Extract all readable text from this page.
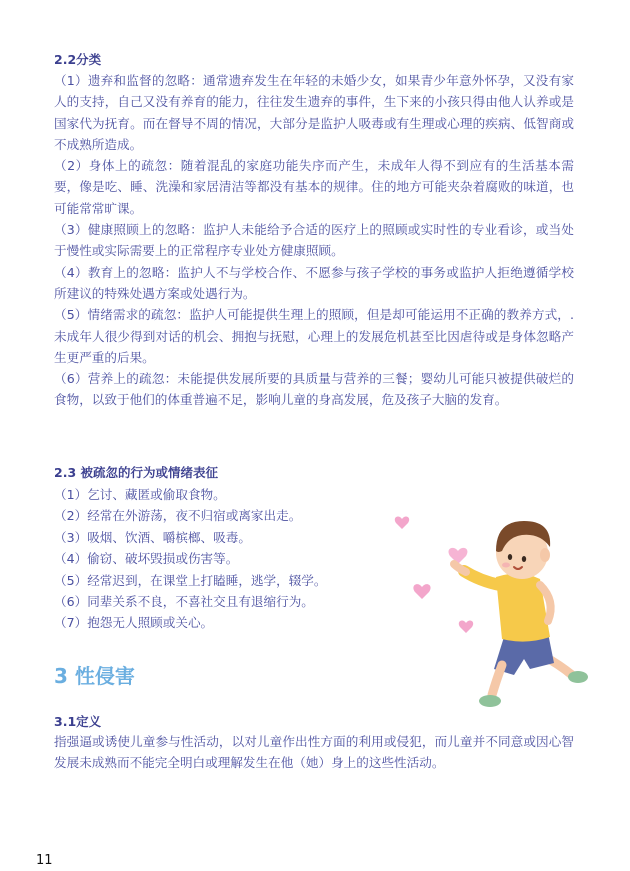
2.2分类

（1）遗弃和监督的忽略：通常遗弃发生在年轻的未婚少女，如果青少年意外怀孕，又没有家人的支持，自己又没有养育的能力，往往发生遗弃的事件，生下来的小孩只得由他人认养或是国家代为抚育。而在督导不周的情况，大部分是监护人吸毒或有生理或心理的疾病、低智商或不成熟所造成。

（2）身体上的疏忽：随着混乱的家庭功能失序而产生，未成年人得不到应有的生活基本需要，像是吃、睡、洗澡和家居清洁等都没有基本的规律。住的地方可能夹杂着腐败的味道，也可能常常旷课。

（3）健康照顾上的忽略：监护人未能给予合适的医疗上的照顾或实时性的专业看诊，或当处于慢性或实际需要上的正常程序专业处方健康照顾。

（4）教育上的忽略：监护人不与学校合作、不愿参与孩子学校的事务或监护人拒绝遵循学校所建议的特殊处遇方案或处遇行为。

（5）情绪需求的疏忽：监护人可能提供生理上的照顾，但是却可能运用不正确的教养方式，.未成年人很少得到对话的机会、拥抱与抚慰，心理上的发展危机甚至比因虐待或是身体忽略产生更严重的后果。

（6）营养上的疏忽：未能提供发展所要的具质量与营养的三餐；婴幼儿可能只被提供破烂的食物，以致于他们的体重普遍不足，影响儿童的身高发展，危及孩子大脑的发育。

2.3 被疏忽的行为或情绪表征
（1）乞讨、藏匿或偷取食物。
（2）经常在外游荡，夜不归宿或离家出走。
（3）吸烟、饮酒、嚼槟榔、吸毒。
（4）偷窃、破坏毁损或伤害等。
（5）经常迟到，在课堂上打瞌睡，逃学，辍学。
（6）同辈关系不良，不喜社交且有退缩行为。
（7）抱怨无人照顾或关心。
3 性侵害
3.1定义

指强逼或诱使儿童参与性活动，以对儿童作出性方面的利用或侵犯，而儿童并不同意或因心智发展未成熟而不能完全明白或理解发生在他（她）身上的这些性活动。

11
